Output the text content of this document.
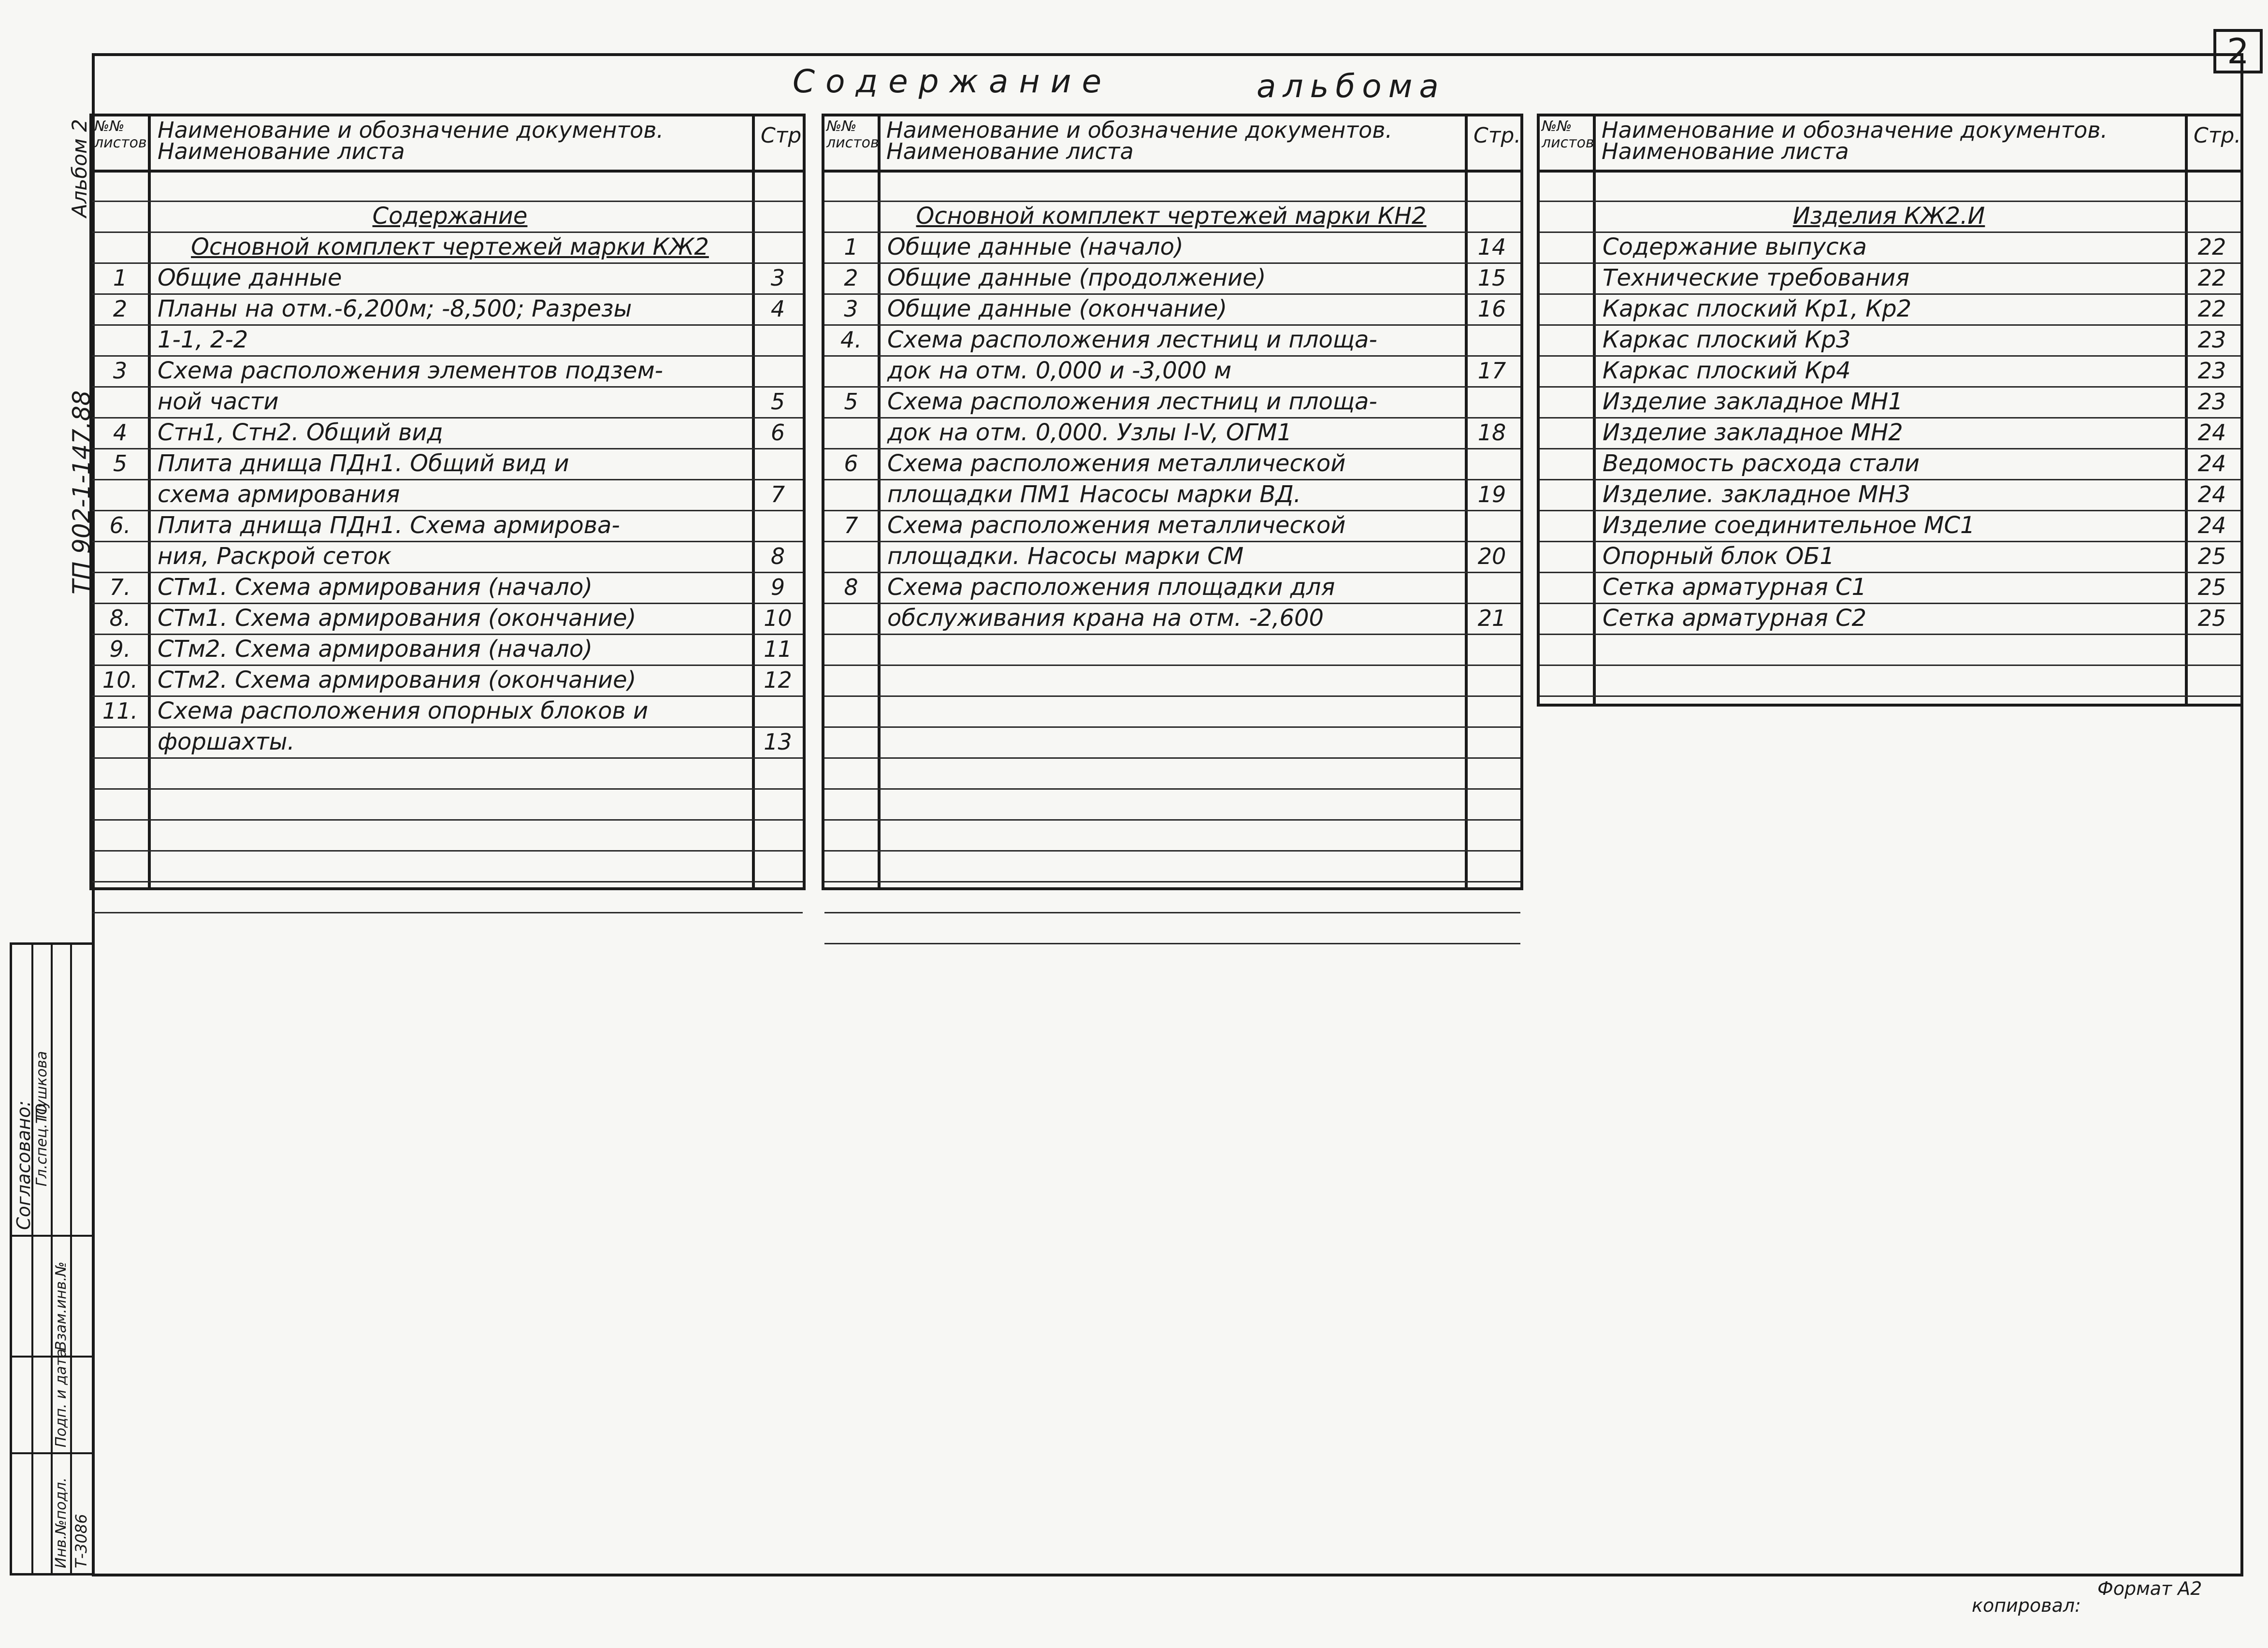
2
Содержание	альбома
Альбом 2
ТП 902-1-147.88
Согласовано:
Гл.спец.ТО
Пушкова
Взам.инв.№
Подп. и дата
Инв.№подл. Т-3086
№№ листов Наименование и обозначение документов.
Наименование листа
Стр.
Содержание
Основной комплект чертежей марки КЖ2
1	Общие данные	3
2	Планы на отм.-6,200м; -8,500; Разрезы	4
1-1, 2-2
3	Схема расположения элементов подзем-
ной части	5
4	Стн1, Стн2. Общий вид	6
5	Плита днища ПДн1. Общий вид и
схема армирования	7
6.	Плита днища ПДн1. Схема армирова-
ния, Раскрой сеток	8
7.	СТм1. Схема армирования (начало)	9
8.	СТм1. Схема армирования (окончание)	10
9.	СТм2. Схема армирования (начало)	11
10. СТм2. Схема армирования (окончание)	12
11. Схема расположения опорных блоков и
форшахты.	13
№№ листов Наименование и обозначение документов.
Наименование листа
Стр.
Основной комплект чертежей марки КН2
1	Общие данные (начало)	14
2	Общие данные (продолжение)	15
3	Общие данные (окончание)	16
4.	Схема расположения лестниц и площа-
док на отм. 0,000 и -3,000 м	17
5	Схема расположения лестниц и площа-
док на отм. 0,000. Узлы I-V, ОГМ1	18
6	Схема расположения металлической
площадки ПМ1 Насосы марки ВД.	19
7	Схема расположения металлической
площадки. Насосы марки СМ	20
8	Схема расположения площадки для
обслуживания крана на отм. -2,600	21
№№ листов Наименование и обозначение документов.
Наименование листа
Стр.
Изделия КЖ2.И
Содержание выпуска	22
Технические требования	22
Каркас плоский Кр1, Кр2	22
Каркас плоский Кр3	23
Каркас плоский Кр4	23
Изделие закладное МН1	23
Изделие закладное МН2	24
Ведомость расхода стали	24
Изделие. закладное МН3	24
Изделие соединительное МС1	24
Опорный блок ОБ1	25
Сетка арматурная С1	25
Сетка арматурная С2	25
Формат А2
копировал:
